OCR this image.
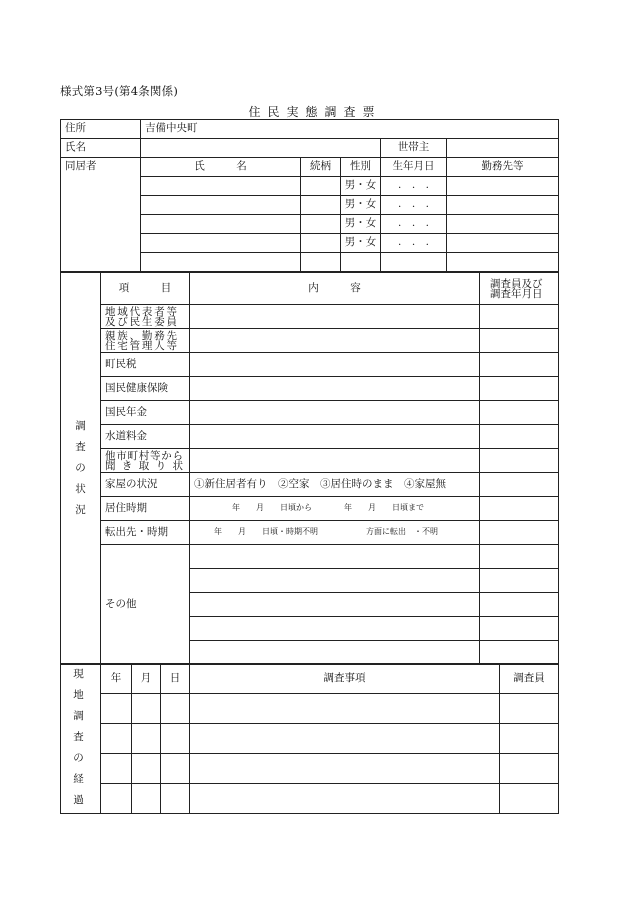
様式第3号(第4条関係)
住民実態調査票
住所	吉備中央町				
氏名				世帯主	
同居者	氏　　　名	続柄	性別	生年月日	勤務先等
			男・女	.　.　.	
			男・女	.　.　.	
			男・女	.　.　.	
			男・女	.　.　.	

調査の状況	項　　　目	内　　　容	調査員及び調査年月日
	地域代表者等及び民生委員		
	親族、勤務先住宅管理人等		
	町民税		
	国民健康保険		
	国民年金		
	水道料金		
	他市町村等から聞き取り状		
	家屋の状況	①新住居者有り　②空家　③居住時のまま　④家屋無	
	居住時期	年　　月　　日頃から　　　　年　　月　　日頃まで	
	転出先・時期	年　　月　　日頃・時期不明　　　　　　方面に転出　・不明	
	その他		

現地調査の経過	年	月	日	調査事項	調査員
